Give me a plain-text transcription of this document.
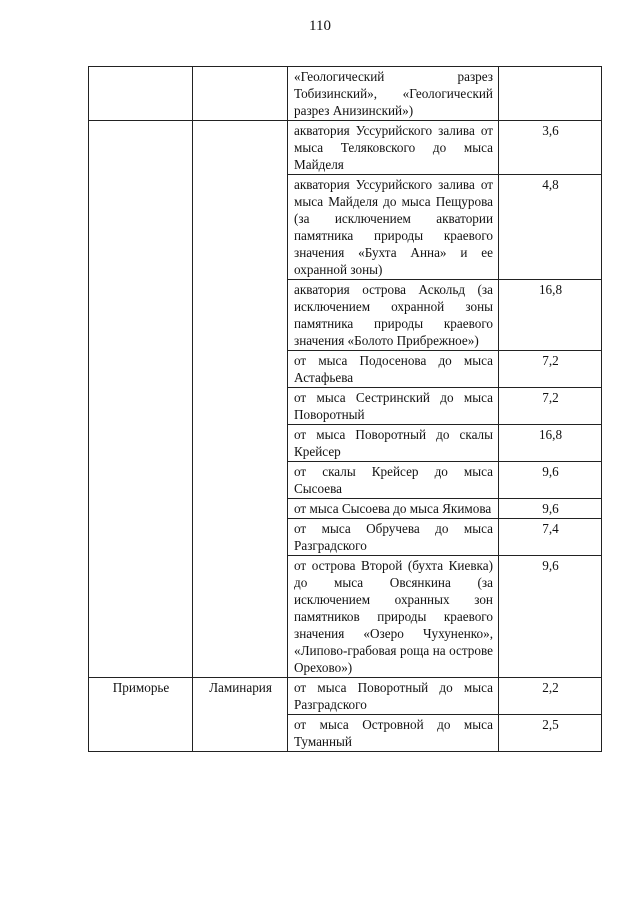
110
		«Геологический разрез Тобизинский», «Геологический разрез Анизинский»)	
		акватория Уссурийского залива от мыса Теляковского до мыса Майделя	3,6
		акватория Уссурийского залива от мыса Майделя до мыса Пещурова (за исключением акватории памятника природы краевого значения «Бухта Анна» и ее охранной зоны)	4,8
		акватория острова Аскольд (за исключением охранной зоны памятника природы краевого значения «Болото Прибрежное»)	16,8
		от мыса Подосенова до мыса Астафьева	7,2
		от мыса Сестринский до мыса Поворотный	7,2
		от мыса Поворотный до скалы Крейсер	16,8
		от скалы Крейсер до мыса Сысоева	9,6
		от мыса Сысоева до мыса Якимова	9,6
		от мыса Обручева до мыса Разградского	7,4
		от острова Второй (бухта Киевка) до мыса Овсянкина (за исключением охранных зон памятников природы краевого значения «Озеро Чухуненко», «Липово-грабовая роща на острове Орехово»)	9,6
Приморье	Ламинария	от мыса Поворотный до мыса Разградского	2,2
		от мыса Островной до мыса Туманный	2,5
